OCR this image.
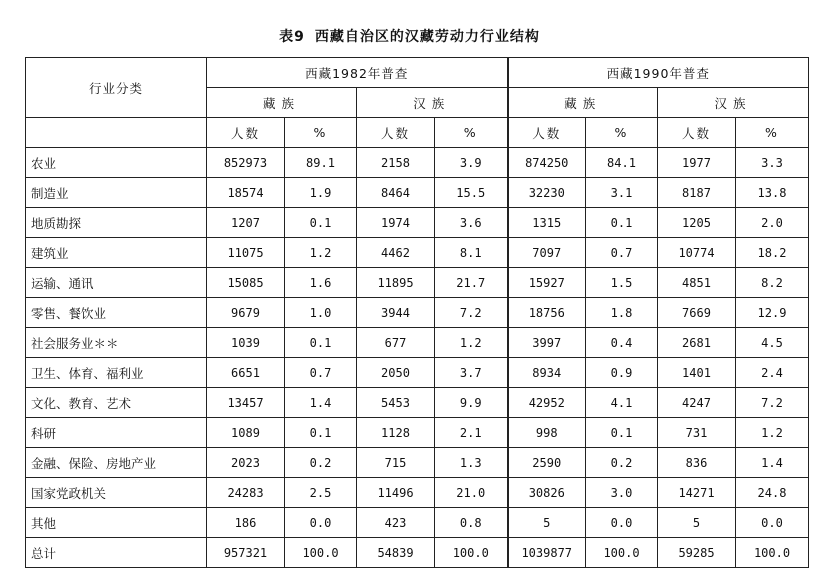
表9 西藏自治区的汉藏劳动力行业结构
行业分类	西藏1982年普查				西藏1990年普查			
	藏族		汉族		藏族		汉族	
	人数	%	人数	%	人数	%	人数	%
农业	852973	89.1	2158	3.9	874250	84.1	1977	3.3
制造业	18574	1.9	8464	15.5	32230	3.1	8187	13.8
地质勘探	1207	0.1	1974	3.6	1315	0.1	1205	2.0
建筑业	11075	1.2	4462	8.1	7097	0.7	10774	18.2
运输、通讯	15085	1.6	11895	21.7	15927	1.5	4851	8.2
零售、餐饮业	9679	1.0	3944	7.2	18756	1.8	7669	12.9
社会服务业＊＊	1039	0.1	677	1.2	3997	0.4	2681	4.5
卫生、体育、福利业	6651	0.7	2050	3.7	8934	0.9	1401	2.4
文化、教育、艺术	13457	1.4	5453	9.9	42952	4.1	4247	7.2
科研	1089	0.1	1128	2.1	998	0.1	731	1.2
金融、保险、房地产业	2023	0.2	715	1.3	2590	0.2	836	1.4
国家党政机关	24283	2.5	11496	21.0	30826	3.0	14271	24.8
其他	186	0.0	423	0.8	5	0.0	5	0.0
总计	957321	100.0	54839	100.0	1039877	100.0	59285	100.0
